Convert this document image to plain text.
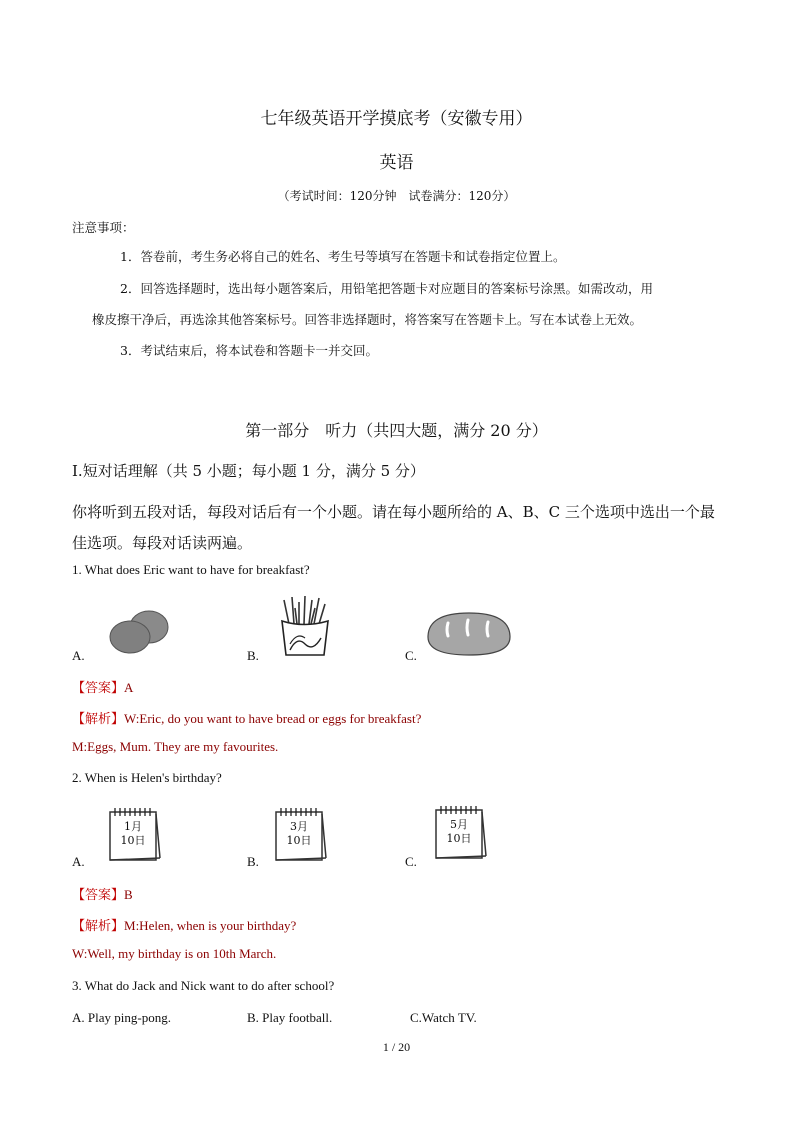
七年级英语开学摸底考（安徽专用）
英语
（考试时间：120分钟　试卷满分：120分）
注意事项：
1．答卷前，考生务必将自己的姓名、考生号等填写在答题卡和试卷指定位置上。
2．回答选择题时，选出每小题答案后，用铅笔把答题卡对应题目的答案标号涂黑。如需改动，用
橡皮擦干净后，再选涂其他答案标号。回答非选择题时，将答案写在答题卡上。写在本试卷上无效。
3．考试结束后，将本试卷和答题卡一并交回。
第一部分　听力（共四大题，满分 20 分）
Ⅰ.短对话理解（共 5 小题；每小题 1 分，满分 5 分）
你将听到五段对话，每段对话后有一个小题。请在每小题所给的 A、B、C 三个选项中选出一个最佳选项。每段对话读两遍。
1. What does Eric want to have for breakfast?
A.	B.	C.
【答案】A
【解析】W:Eric, do you want to have bread or eggs for breakfast?
M:Eggs, Mum. They are my favourites.
2. When is Helen's birthday?
A.
1月
10日
B.
3月
10日
C.
5月
10日
【答案】B
【解析】M:Helen, when is your birthday?
W:Well, my birthday is on 10th March.
3. What do Jack and Nick want to do after school?
A. Play ping-pong.	B. Play football.	C.Watch TV.
1 / 20
